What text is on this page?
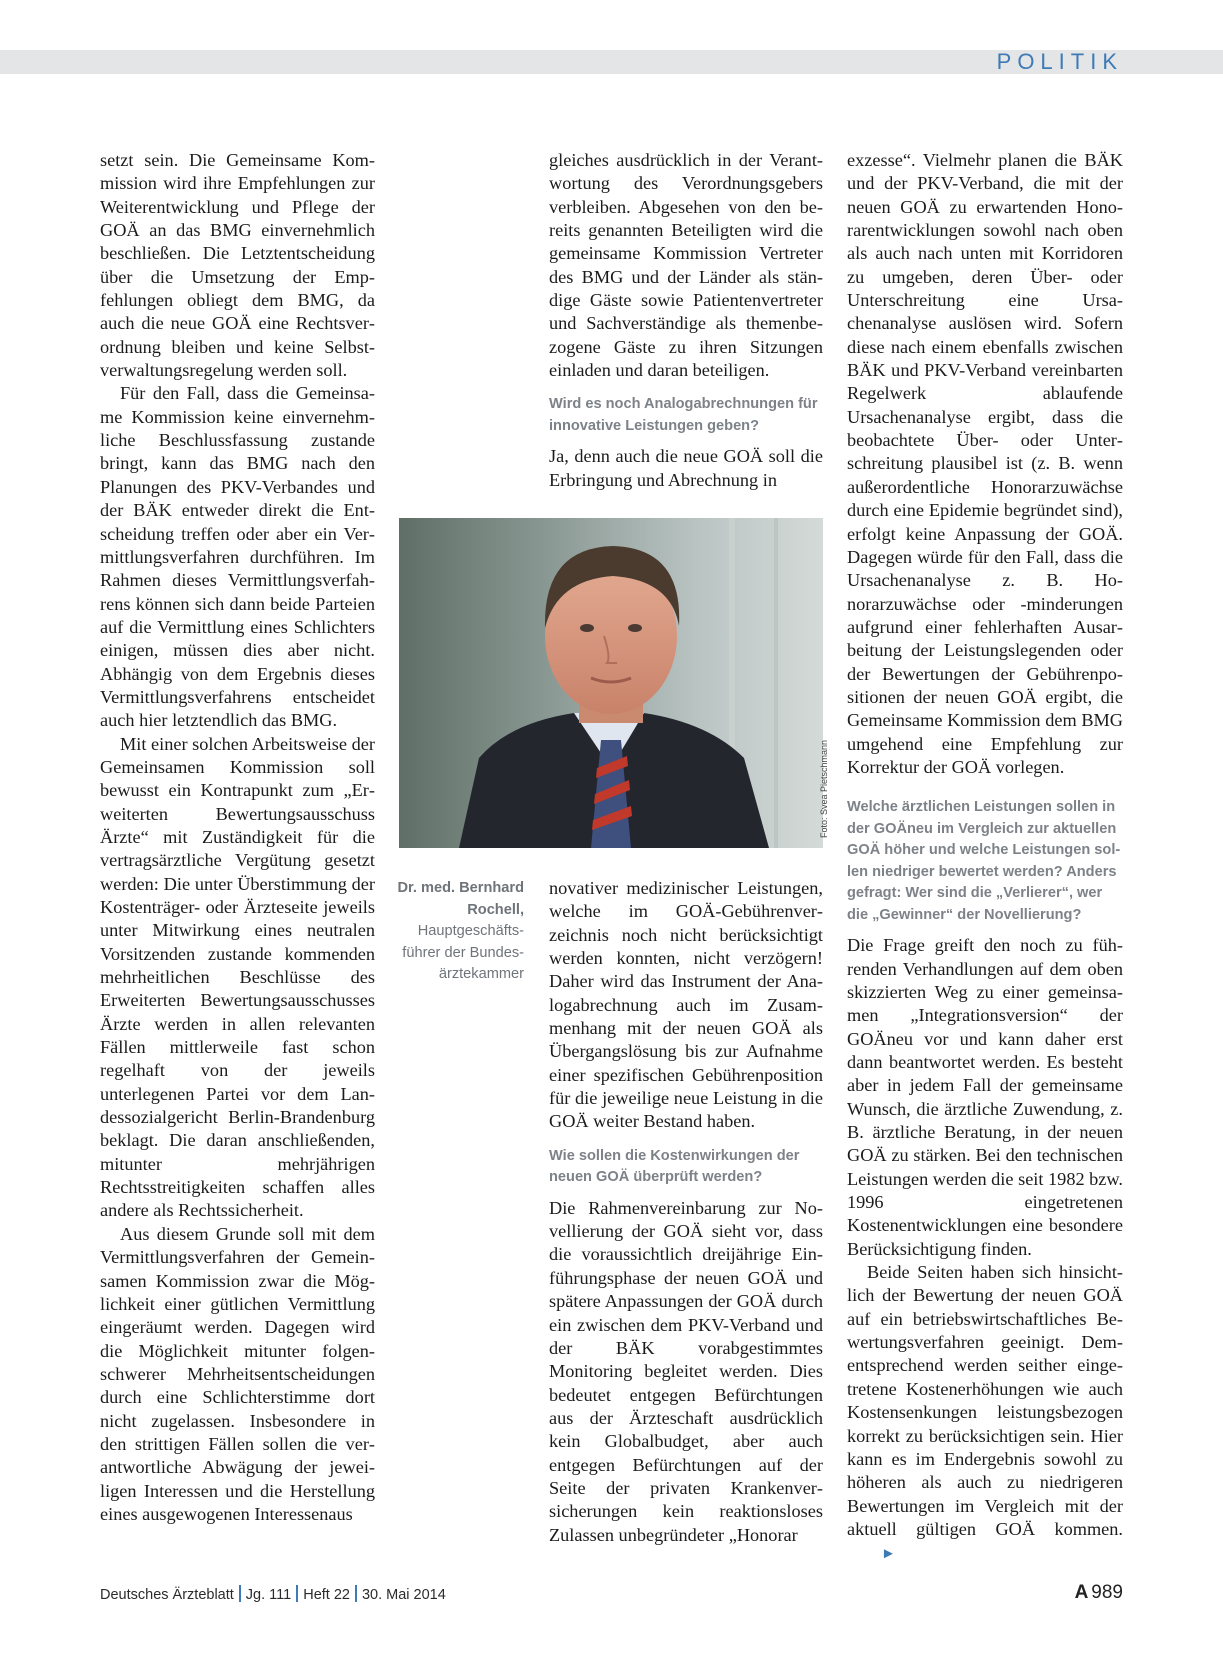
POLITIK

setzt sein. Die Gemeinsame Kommission wird ihre Empfehlungen zur Weiterentwicklung und Pflege der GOÄ an das BMG einvernehmlich beschließen. Die Letztentscheidung über die Umsetzung der Empfehlungen obliegt dem BMG, da auch die neue GOÄ eine Rechtsverordnung bleiben und keine Selbstverwaltungsregelung werden soll.

Für den Fall, dass die Gemeinsame Kommission keine einvernehmliche Beschlussfassung zustande bringt, kann das BMG nach den Planungen des PKV-Verbandes und der BÄK entweder direkt die Entscheidung treffen oder aber ein Vermittlungsverfahren durchführen. Im Rahmen dieses Vermittlungsverfahrens können sich dann beide Parteien auf die Vermittlung eines Schlichters einigen, müssen dies aber nicht. Abhängig von dem Ergebnis dieses Vermittlungsverfahrens entscheidet auch hier letztendlich das BMG.

Mit einer solchen Arbeitsweise der Gemeinsamen Kommission soll bewusst ein Kontrapunkt zum „Erweiterten Bewertungsausschuss Ärzte“ mit Zuständigkeit für die vertragsärztliche Vergütung gesetzt werden: Die unter Überstimmung der Kostenträger- oder Ärzteseite jeweils unter Mitwirkung eines neutralen Vorsitzenden zustande kommenden mehrheitlichen Beschlüsse des Erweiterten Bewertungsausschusses Ärzte werden in allen relevanten Fällen mittlerweile fast schon regelhaft von der jeweils unterlegenen Partei vor dem Landessozialgericht Berlin-Brandenburg beklagt. Die daran anschließenden, mitunter mehrjährigen Rechtsstreitigkeiten schaffen alles andere als Rechtssicherheit.

Aus diesem Grunde soll mit dem Vermittlungsverfahren der Gemeinsamen Kommission zwar die Möglichkeit einer gütlichen Vermittlung eingeräumt werden. Dagegen wird die Möglichkeit mitunter folgenschwerer Mehrheitsentscheidungen durch eine Schlichterstimme dort nicht zugelassen. Insbesondere in den strittigen Fällen sollen die verantwortliche Abwägung der jeweiligen Interessen und die Herstellung eines ausgewogenen Interessenaus

gleiches ausdrücklich in der Verantwortung des Verordnungsgebers verbleiben. Abgesehen von den bereits genannten Beteiligten wird die gemeinsame Kommission Vertreter des BMG und der Länder als ständige Gäste sowie Patientenvertreter und Sachverständige als themenbezogene Gäste zu ihren Sitzungen einladen und daran beteiligen.

Wird es noch Analogabrechnungen für innovative Leistungen geben?

Ja, denn auch die neue GOÄ soll die Erbringung und Abrechnung in

Foto: Svea Pietschmann
Dr. med. Bernhard Rochell,
Hauptgeschäftsführer der Bundesärztekammer

novativer medizinischer Leistungen, welche im GOÄ-Gebührenverzeichnis noch nicht berücksichtigt werden konnten, nicht verzögern! Daher wird das Instrument der Analogabrechnung auch im Zusammenhang mit der neuen GOÄ als Übergangslösung bis zur Aufnahme einer spezifischen Gebührenposition für die jeweilige neue Leistung in die GOÄ weiter Bestand haben.

Wie sollen die Kostenwirkungen der neuen GOÄ überprüft werden?

Die Rahmenvereinbarung zur Novellierung der GOÄ sieht vor, dass die voraussichtlich dreijährige Einführungsphase der neuen GOÄ und spätere Anpassungen der GOÄ durch ein zwischen dem PKV-Verband und der BÄK vorabgestimmtes Monitoring begleitet werden. Dies bedeutet entgegen Befürchtungen aus der Ärzteschaft ausdrücklich kein Globalbudget, aber auch entgegen Befürchtungen auf der Seite der privaten Krankenversicherungen kein reaktionsloses Zulassen unbegründeter „Honorar

exzesse“. Vielmehr planen die BÄK und der PKV-Verband, die mit der neuen GOÄ zu erwartenden Honorarentwicklungen sowohl nach oben als auch nach unten mit Korridoren zu umgeben, deren Über- oder Unterschreitung eine Ursachenanalyse auslösen wird. Sofern diese nach einem ebenfalls zwischen BÄK und PKV-Verband vereinbarten Regelwerk ablaufende Ursachenanalyse ergibt, dass die beobachtete Über- oder Unterschreitung plausibel ist (z. B. wenn außerordentliche Honorarzuwächse durch eine Epidemie begründet sind), erfolgt keine Anpassung der GOÄ. Dagegen würde für den Fall, dass die Ursachenanalyse z. B. Honorarzuwächse oder -minderungen aufgrund einer fehlerhaften Ausarbeitung der Leistungslegenden oder der Bewertungen der Gebührenpositionen der neuen GOÄ ergibt, die Gemeinsame Kommission dem BMG umgehend eine Empfehlung zur Korrektur der GOÄ vorlegen.

Welche ärztlichen Leistungen sollen in der GOÄneu im Vergleich zur aktuellen GOÄ höher und welche Leistungen sollen niedriger bewertet werden? Anders gefragt: Wer sind die „Verlierer“, wer die „Gewinner“ der Novellierung?

Die Frage greift den noch zu führenden Verhandlungen auf dem oben skizzierten Weg zu einer gemeinsamen „Integrationsversion“ der GOÄneu vor und kann daher erst dann beantwortet werden. Es besteht aber in jedem Fall der gemeinsame Wunsch, die ärztliche Zuwendung, z. B. ärztliche Beratung, in der neuen GOÄ zu stärken. Bei den technischen Leistungen werden die seit 1982 bzw. 1996 eingetretenen Kostenentwicklungen eine besondere Berücksichtigung finden.

Beide Seiten haben sich hinsichtlich der Bewertung der neuen GOÄ auf ein betriebswirtschaftliches Bewertungsverfahren geeinigt. Dementsprechend werden seither eingetretene Kostenerhöhungen wie auch Kostensenkungen leistungsbezogen korrekt zu berücksichtigen sein. Hier kann es im Endergebnis sowohl zu höheren als auch zu niedrigeren Bewertungen im Vergleich mit der aktuell gültigen GOÄ kommen.►

Deutsches Ärzteblatt Jg. 111 Heft 22 30. Mai 2014	A 989
